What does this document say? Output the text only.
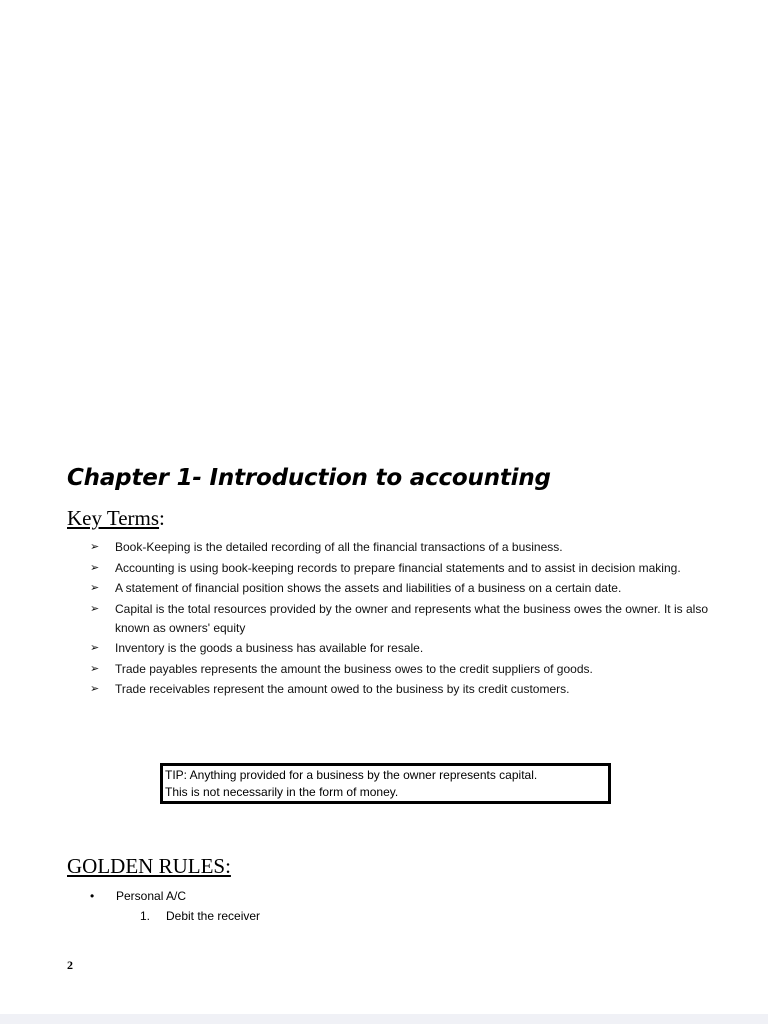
Chapter 1- Introduction to accounting
Key Terms:
➢ Book-Keeping is the detailed recording of all the financial transactions of a business.
➢ Accounting is using book-keeping records to prepare financial statements and to assist in decision making.
➢ A statement of financial position shows the assets and liabilities of a business on a certain date.
➢ Capital is the total resources provided by the owner and represents what the business owes the owner. It is also known as owners' equity
➢ Inventory is the goods a business has available for resale.
➢ Trade payables represents the amount the business owes to the credit suppliers of goods.
➢ Trade receivables represent the amount owed to the business by its credit customers.
TIP: Anything provided for a business by the owner represents capital.
This is not necessarily in the form of money.
GOLDEN RULES:
• Personal A/C
1. Debit the receiver
2
